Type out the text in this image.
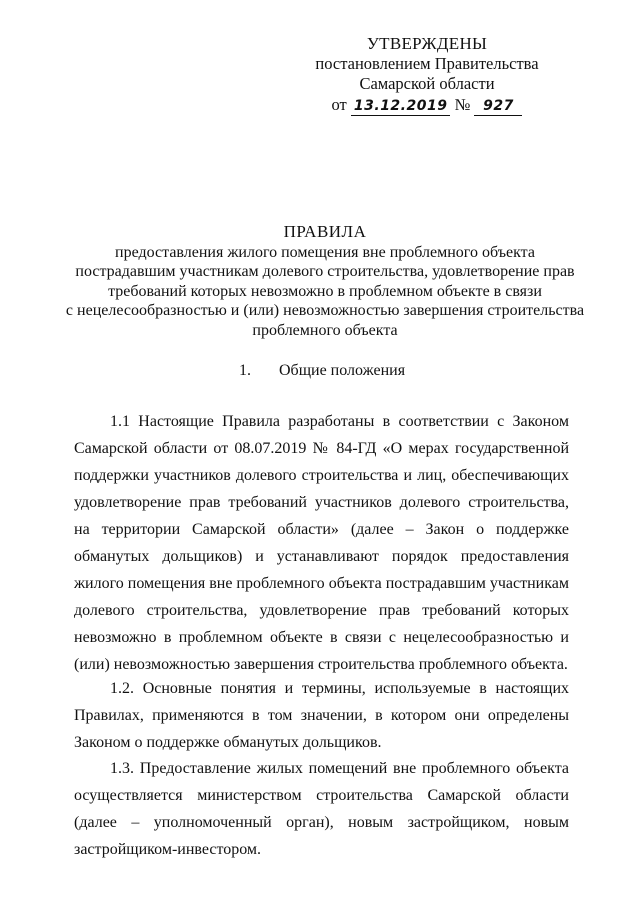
УТВЕРЖДЕНЫ
постановлением Правительства
Самарской области
от 13.12.2019 № 927
ПРАВИЛА
предоставления жилого помещения вне проблемного объекта
пострадавшим участникам долевого строительства, удовлетворение прав
требований которых невозможно в проблемном объекте в связи
с нецелесообразностью и (или) невозможностью завершения строительства
проблемного объекта
1. Общие положения

1.1 Настоящие Правила разработаны в соответствии с Законом Самарской области от 08.07.2019 № 84-ГД «О мерах государственной поддержки участников долевого строительства и лиц, обеспечивающих удовлетворение прав требований участников долевого строительства, на территории Самарской области» (далее – Закон о поддержке обманутых дольщиков) и устанавливают порядок предоставления жилого помещения вне проблемного объекта пострадавшим участникам долевого строительства, удовлетворение прав требований которых невозможно в проблемном объекте в связи с нецелесообразностью и (или) невозможностью завершения строительства проблемного объекта.

1.2. Основные понятия и термины, используемые в настоящих Правилах, применяются в том значении, в котором они определены Законом о поддержке обманутых дольщиков.

1.3. Предоставление жилых помещений вне проблемного объекта осуществляется министерством строительства Самарской области (далее – уполномоченный орган), новым застройщиком, новым застройщиком-инвестором.
